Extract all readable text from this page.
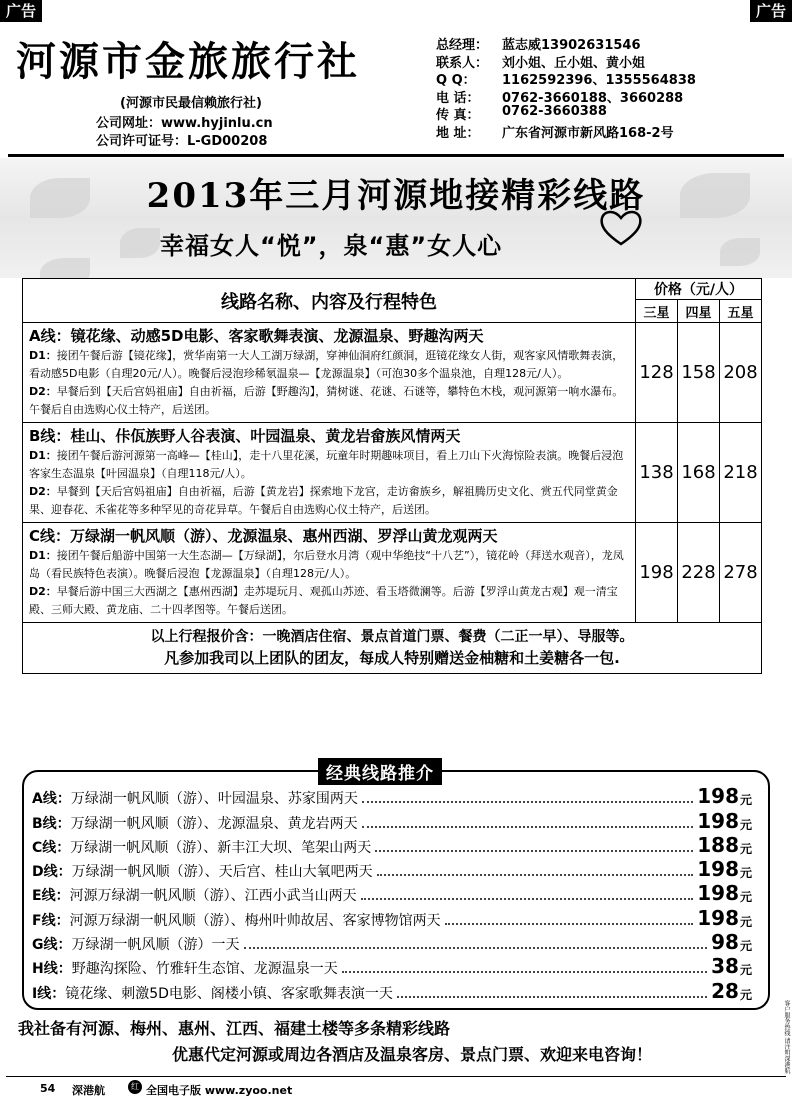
广告	广告
河源市金旅旅行社
(河源市民最信赖旅行社)
公司网址：www.hyjinlu.cn
公司许可证号：L-GD00208
总经理：	蓝志威13902631546
联系人：	刘小姐、丘小姐、黄小姐
Q Q：	1162592396、1355564838
电 话：	0762-3660188、3660288
传 真：	0762-3660388
地 址：	广东省河源市新风路168-2号
2013年三月河源地接精彩线路
幸福女人“悦”，泉“惠”女人心
线路名称、内容及行程特色	价格（元/人）		
	三星	四星	五星

A线：镜花缘、动感5D电影、客家歌舞表演、龙源温泉、野趣沟两天
D1：接团午餐后游【镜花缘】，赏华南第一大人工湖万绿湖，穿神仙洞府红颜洞，逛镜花缘女人街，观客家风情歌舞表演，看动感5D电影（自理20元/人）。晚餐后浸泡珍稀氡温泉—【龙源温泉】（可泡30多个温泉池，自理128元/人）。
D2：早餐后到【天后宫妈祖庙】自由祈福，后游【野趣沟】，猜树谜、花谜、石谜等，攀特色木栈，观河源第一响水瀑布。午餐后自由选购心仪土特产，后送团。	128	158	208

B线：桂山、佧佤族野人谷表演、叶园温泉、黄龙岩畲族风情两天
D1：接团午餐后游河源第一高峰—【桂山】，走十八里花溪，玩童年时期趣味项目，看上刀山下火海惊险表演。晚餐后浸泡客家生态温泉【叶园温泉】（自理118元/人）。
D2：早餐到【天后宫妈祖庙】自由祈福，后游【黄龙岩】探索地下龙宫，走访畲族乡，解祖腾历史文化、赏五代同堂黄金果、迎春花、禾雀花等多种罕见的奇花异草。午餐后自由选购心仪土特产，后送团。	138	168	218

C线：万绿湖一帆风顺（游）、龙源温泉、惠州西湖、罗浮山黄龙观两天
D1：接团午餐后船游中国第一大生态湖—【万绿湖】，尔后登水月湾（观中华绝技“十八艺”），镜花岭（拜送水观音），龙凤岛（看民族特色表演）。晚餐后浸泡【龙源温泉】（自理128元/人）。
D2：早餐后游中国三大西湖之【惠州西湖】走苏堤玩月、观孤山苏迹、看玉塔微澜等。后游【罗浮山黄龙古观】观一清宝殿、三师大殿、黄龙庙、二十四孝图等。午餐后送团。	198	228	278

以上行程报价含：一晚酒店住宿、景点首道门票、餐费（二正一早）、导服等。
凡参加我司以上团队的团友，每成人特别赠送金柚糖和土姜糖各一包.			
经典线路推介
A线： 万绿湖一帆风顺（游）、叶园温泉、苏家围两天	198 元
B线： 万绿湖一帆风顺（游）、龙源温泉、黄龙岩两天	198 元
C线： 万绿湖一帆风顺（游）、新丰江大坝、笔架山两天	188 元
D线： 万绿湖一帆风顺（游）、天后宫、桂山大氧吧两天	198 元
E线： 河源万绿湖一帆风顺（游）、江西小武当山两天	198 元
F线： 河源万绿湖一帆风顺（游）、梅州叶帅故居、客家博物馆两天	198 元
G线： 万绿湖一帆风顺（游）一天	98 元
H线： 野趣沟探险、竹雅轩生态馆、龙源温泉一天	38 元
I线： 镜花缘、刺激5D电影、阁楼小镇、客家歌舞表演一天	28 元
我社备有河源、梅州、惠州、江西、福建土楼等多条精彩线路
优惠代定河源或周边各酒店及温泉客房、景点门票、欢迎来电咨询！
54 深港航	红 全国电子版 www.zyoo.net
客户服务热线 请注明深港航
